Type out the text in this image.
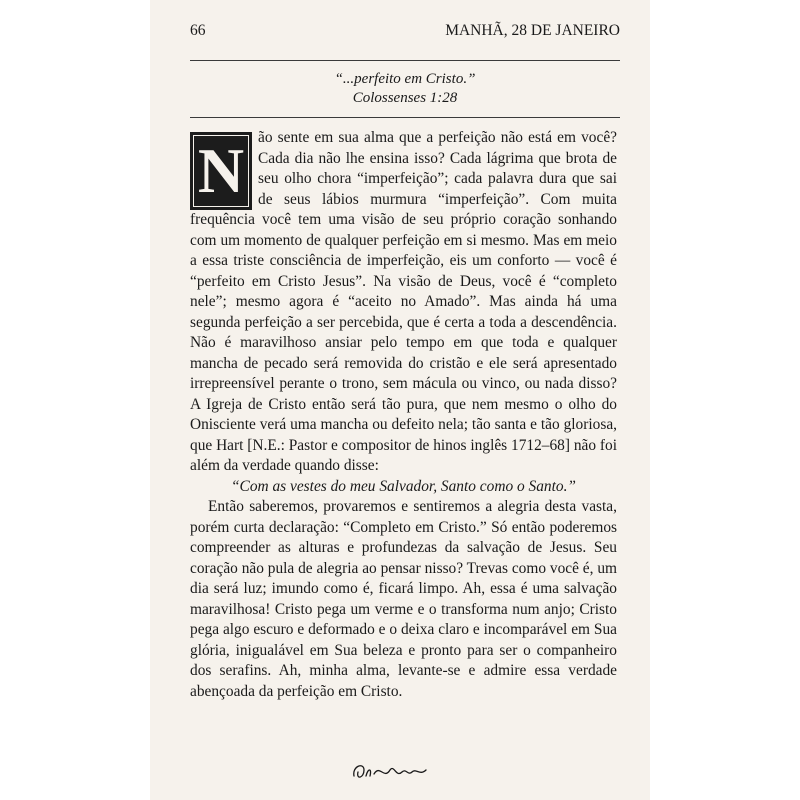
66	MANHÃ, 28 DE JANEIRO
“...perfeito em Cristo.”
Colossenses 1:28

N ão sente em sua alma que a perfeição não está em você? Cada dia não lhe ensina isso? Cada lágrima que brota de seu olho chora “imperfeição”; cada palavra dura que sai de seus lábios murmura “imperfeição”. Com muita frequência você tem uma visão de seu próprio coração sonhando com um momento de qualquer perfeição em si mesmo. Mas em meio a essa triste consciência de imperfeição, eis um conforto — você é “perfeito em Cristo Jesus”. Na visão de Deus, você é “completo nele”; mesmo agora é “aceito no Amado”. Mas ainda há uma segunda perfeição a ser percebida, que é certa a toda a descendência. Não é maravilhoso ansiar pelo tempo em que toda e qualquer mancha de pecado será removida do cristão e ele será apresentado irrepreensível perante o trono, sem mácula ou vinco, ou nada disso? A Igreja de Cristo então será tão pura, que nem mesmo o olho do Onisciente verá uma mancha ou defeito nela; tão santa e tão gloriosa, que Hart [N.E.: Pastor e compositor de hinos inglês 1712–68] não foi além da verdade quando disse:

“Com as vestes do meu Salvador, Santo como o Santo.”

Então saberemos, provaremos e sentiremos a alegria desta vasta, porém curta declaração: “Completo em Cristo.” Só então poderemos compreender as alturas e profundezas da salvação de Jesus. Seu coração não pula de alegria ao pensar nisso? Trevas como você é, um dia será luz; imundo como é, ficará limpo. Ah, essa é uma salvação maravilhosa! Cristo pega um verme e o transforma num anjo; Cristo pega algo escuro e deformado e o deixa claro e incomparável em Sua glória, inigualável em Sua beleza e pronto para ser o companheiro dos serafins. Ah, minha alma, levante-se e admire essa verdade abençoada da perfeição em Cristo.
